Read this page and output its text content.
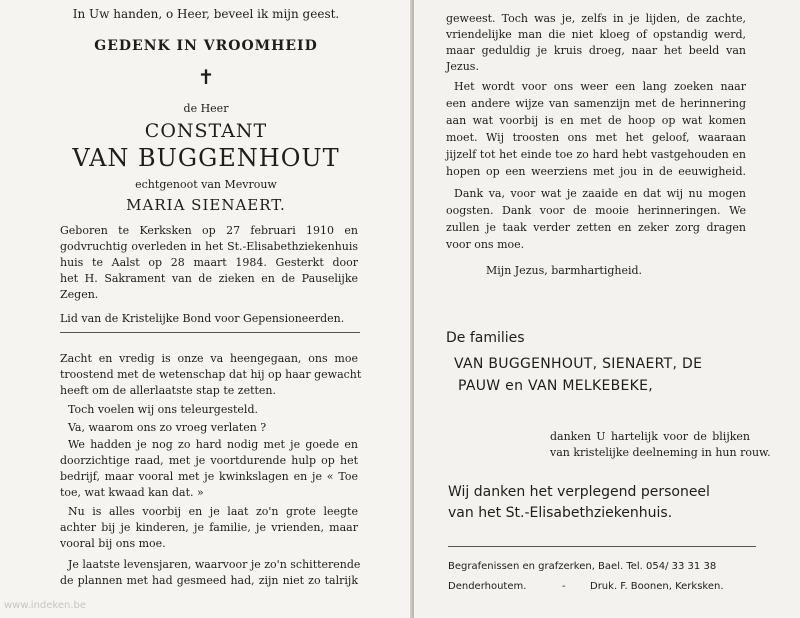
In Uw handen, o Heer, beveel ik mijn geest.
GEDENK IN VROOMHEID
✝
de Heer
CONSTANT
VAN BUGGENHOUT
echtgenoot van Mevrouw
MARIA SIENAERT.
Geboren te Kerksken op 27 februari 1910 en
godvruchtig overleden in het St.-Elisabethziekenhuis
huis te Aalst op 28 maart 1984. Gesterkt door
het H. Sakrament van de zieken en de Pauselijke
Zegen.
Lid van de Kristelijke Bond voor Gepensioneerden.
Zacht en vredig is onze va heengegaan, ons moe
troostend met de wetenschap dat hij op haar gewacht
heeft om de allerlaatste stap te zetten.
Toch voelen wij ons teleurgesteld.
Va, waarom ons zo vroeg verlaten ?
We hadden je nog zo hard nodig met je goede en
doorzichtige raad, met je voortdurende hulp op het
bedrijf, maar vooral met je kwinkslagen en je « Toe
toe, wat kwaad kan dat. »
Nu is alles voorbij en je laat zo'n grote leegte
achter bij je kinderen, je familie, je vrienden, maar
vooral bij ons moe.
Je laatste levensjaren, waarvoor je zo'n schitterende
de plannen met had gesmeed had, zijn niet zo talrijk
geweest. Toch was je, zelfs in je lijden, de zachte,
vriendelijke man die niet kloeg of opstandig werd,
maar geduldig je kruis droeg, naar het beeld van
Jezus.
Het wordt voor ons weer een lang zoeken naar
een andere wijze van samenzijn met de herinnering
aan wat voorbij is en met de hoop op wat komen
moet. Wij troosten ons met het geloof, waaraan
jijzelf tot het einde toe zo hard hebt vastgehouden en
hopen op een weerziens met jou in de eeuwigheid.
Dank va, voor wat je zaaide en dat wij nu mogen
oogsten. Dank voor de mooie herinneringen. We
zullen je taak verder zetten en zeker zorg dragen
voor ons moe.
Mijn Jezus, barmhartigheid.
De families
VAN BUGGENHOUT, SIENAERT, DE
PAUW en VAN MELKEBEKE,
danken U hartelijk voor de blijken
van kristelijke deelneming in hun rouw.
Wij danken het verplegend personeel
van het St.-Elisabethziekenhuis.
Begrafenissen en grafzerken, Bael. Tel. 054/ 33 31 38
Denderhoutem.	- Druk. F. Boonen, Kerksken.
www.indeken.be
